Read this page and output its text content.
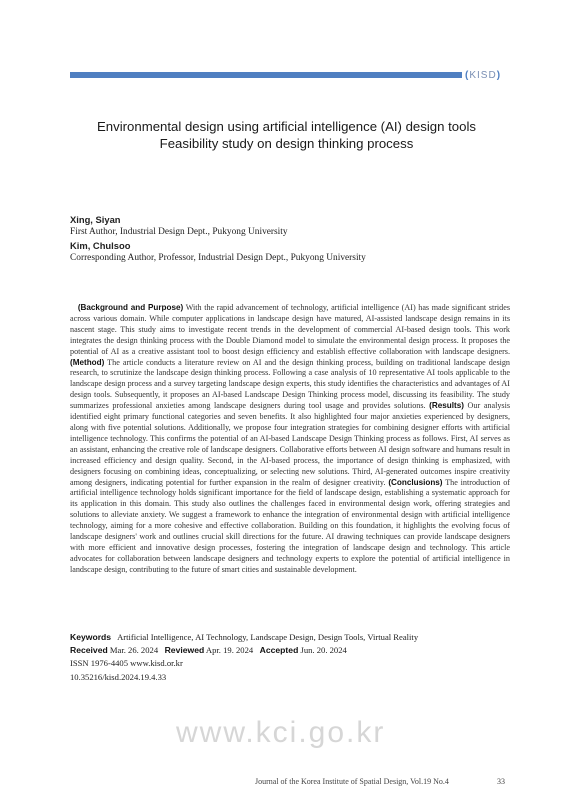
(KISD)
Environmental design using artificial intelligence (AI) design tools
Feasibility study on design thinking process
Xing, Siyan
First Author, Industrial Design Dept., Pukyong University
Kim, Chulsoo
Corresponding Author, Professor, Industrial Design Dept., Pukyong University
(Background and Purpose) With the rapid advancement of technology, artificial intelligence (AI) has made significant strides across various domain. While computer applications in landscape design have matured, AI-assisted landscape design remains in its nascent stage. This study aims to investigate recent trends in the development of commercial AI-based design tools. This work integrates the design thinking process with the Double Diamond model to simulate the environmental design process. It proposes the potential of AI as a creative assistant tool to boost design efficiency and establish effective collaboration with landscape designers. (Method) The article conducts a literature review on AI and the design thinking process, building on traditional landscape design research, to scrutinize the landscape design thinking process. Following a case analysis of 10 representative AI tools applicable to the landscape design process and a survey targeting landscape design experts, this study identifies the characteristics and advantages of AI design tools. Subsequently, it proposes an AI-based Landscape Design Thinking process model, discussing its feasibility. The study summarizes professional anxieties among landscape designers during tool usage and provides solutions. (Results) Our analysis identified eight primary functional categories and seven benefits. It also highlighted four major anxieties experienced by designers, along with five potential solutions. Additionally, we propose four integration strategies for combining designer efforts with artificial intelligence technology. This confirms the potential of an AI-based Landscape Design Thinking process as follows. First, AI serves as an assistant, enhancing the creative role of landscape designers. Collaborative efforts between AI design software and humans result in increased efficiency and design quality. Second, in the AI-based process, the importance of design thinking is emphasized, with designers focusing on combining ideas, conceptualizing, or selecting new solutions. Third, AI-generated outcomes inspire creativity among designers, indicating potential for further expansion in the realm of designer creativity. (Conclusions) The introduction of artificial intelligence technology holds significant importance for the field of landscape design, establishing a systematic approach for its application in this domain. This study also outlines the challenges faced in environmental design work, offering strategies and solutions to alleviate anxiety. We suggest a framework to enhance the integration of environmental design with artificial intelligence technology, aiming for a more cohesive and effective collaboration. Building on this foundation, it highlights the evolving focus of landscape designers' work and outlines crucial skill directions for the future. AI drawing techniques can provide landscape designers with more efficient and innovative design processes, fostering the integration of landscape design and technology. This article advocates for collaboration between landscape designers and technology experts to explore the potential of artificial intelligence in landscape design, contributing to the future of smart cities and sustainable development.
Keywords Artificial Intelligence, AI Technology, Landscape Design, Design Tools, Virtual Reality
Received Mar. 26. 2024 Reviewed Apr. 19. 2024 Accepted Jun. 20. 2024
ISSN 1976-4405 www.kisd.or.kr
10.35216/kisd.2024.19.4.33
www.kci.go.kr
Journal of the Korea Institute of Spatial Design, Vol.19 No.4	33
